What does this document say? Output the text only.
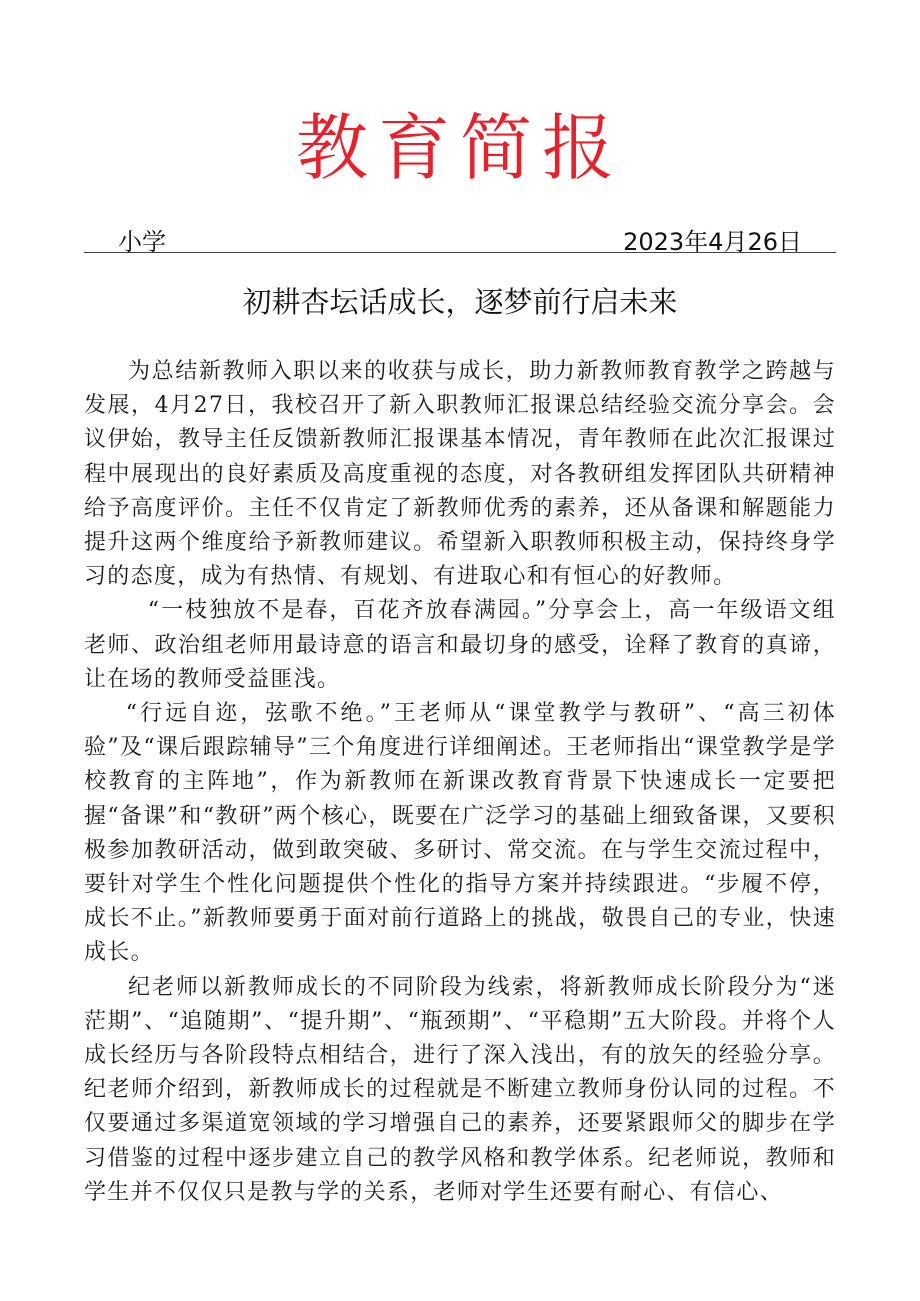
教育简报
小学	2023年4月26日
初耕杏坛话成长，逐梦前行启未来

为总结新教师入职以来的收获与成长，助力新教师教育教学之跨越与发展，4月27日，我校召开了新入职教师汇报课总结经验交流分享会。会议伊始，教导主任反馈新教师汇报课基本情况，青年教师在此次汇报课过程中展现出的良好素质及高度重视的态度，对各教研组发挥团队共研精神给予高度评价。主任不仅肯定了新教师优秀的素养，还从备课和解题能力提升这两个维度给予新教师建议。希望新入职教师积极主动，保持终身学习的态度，成为有热情、有规划、有进取心和有恒心的好教师。

“一枝独放不是春，百花齐放春满园。”分享会上，高一年级语文组老师、政治组老师用最诗意的语言和最切身的感受，诠释了教育的真谛，让在场的教师受益匪浅。

“行远自迩，弦歌不绝。”王老师从“课堂教学与教研”、“高三初体验”及“课后跟踪辅导”三个角度进行详细阐述。王老师指出“课堂教学是学校教育的主阵地”，作为新教师在新课改教育背景下快速成长一定要把握“备课”和“教研”两个核心，既要在广泛学习的基础上细致备课，又要积极参加教研活动，做到敢突破、多研讨、常交流。在与学生交流过程中，要针对学生个性化问题提供个性化的指导方案并持续跟进。“步履不停，成长不止。”新教师要勇于面对前行道路上的挑战，敬畏自己的专业，快速成长。

纪老师以新教师成长的不同阶段为线索，将新教师成长阶段分为“迷茫期”、“追随期”、“提升期”、“瓶颈期”、“平稳期”五大阶段。并将个人成长经历与各阶段特点相结合，进行了深入浅出，有的放矢的经验分享。纪老师介绍到，新教师成长的过程就是不断建立教师身份认同的过程。不仅要通过多渠道宽领域的学习增强自己的素养，还要紧跟师父的脚步在学习借鉴的过程中逐步建立自己的教学风格和教学体系。纪老师说，教师和学生并不仅仅只是教与学的关系，老师对学生还要有耐心、有信心、
